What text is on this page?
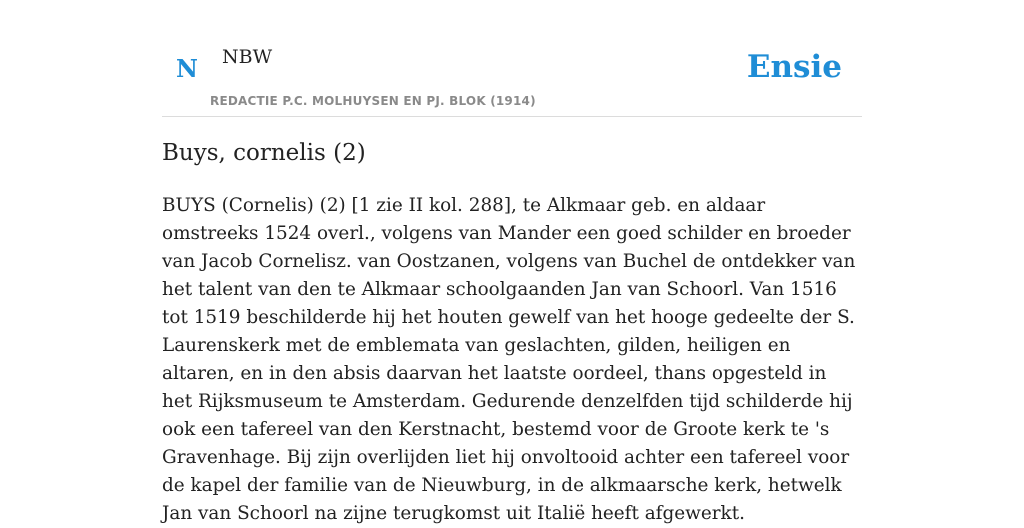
N NBW
REDACTIE P.C. MOLHUYSEN EN PJ. BLOK (1914)
Ensie
Buys, cornelis (2)

BUYS (Cornelis) (2) [1 zie II kol. 288], te Alkmaar geb. en aldaar omstreeks 1524 overl., volgens van Mander een goed schilder en broeder van Jacob Cornelisz. van Oostzanen, volgens van Buchel de ontdekker van het talent van den te Alkmaar schoolgaanden Jan van Schoorl. Van 1516 tot 1519 beschilderde hij het houten gewelf van het hooge gedeelte der S. Laurenskerk met de emblemata van geslachten, gilden, heiligen en altaren, en in den absis daarvan het laatste oordeel, thans opgesteld in het Rijksmuseum te Amsterdam. Gedurende denzelfden tijd schilderde hij ook een tafereel van den Kerstnacht, bestemd voor de Groote kerk te 's Gravenhage. Bij zijn overlijden liet hij onvoltooid achter een tafereel voor de kapel der familie van de Nieuwburg, in de alkmaarsche kerk, hetwelk Jan van Schoorl na zijne terugkomst uit Italië heeft afgewerkt.
